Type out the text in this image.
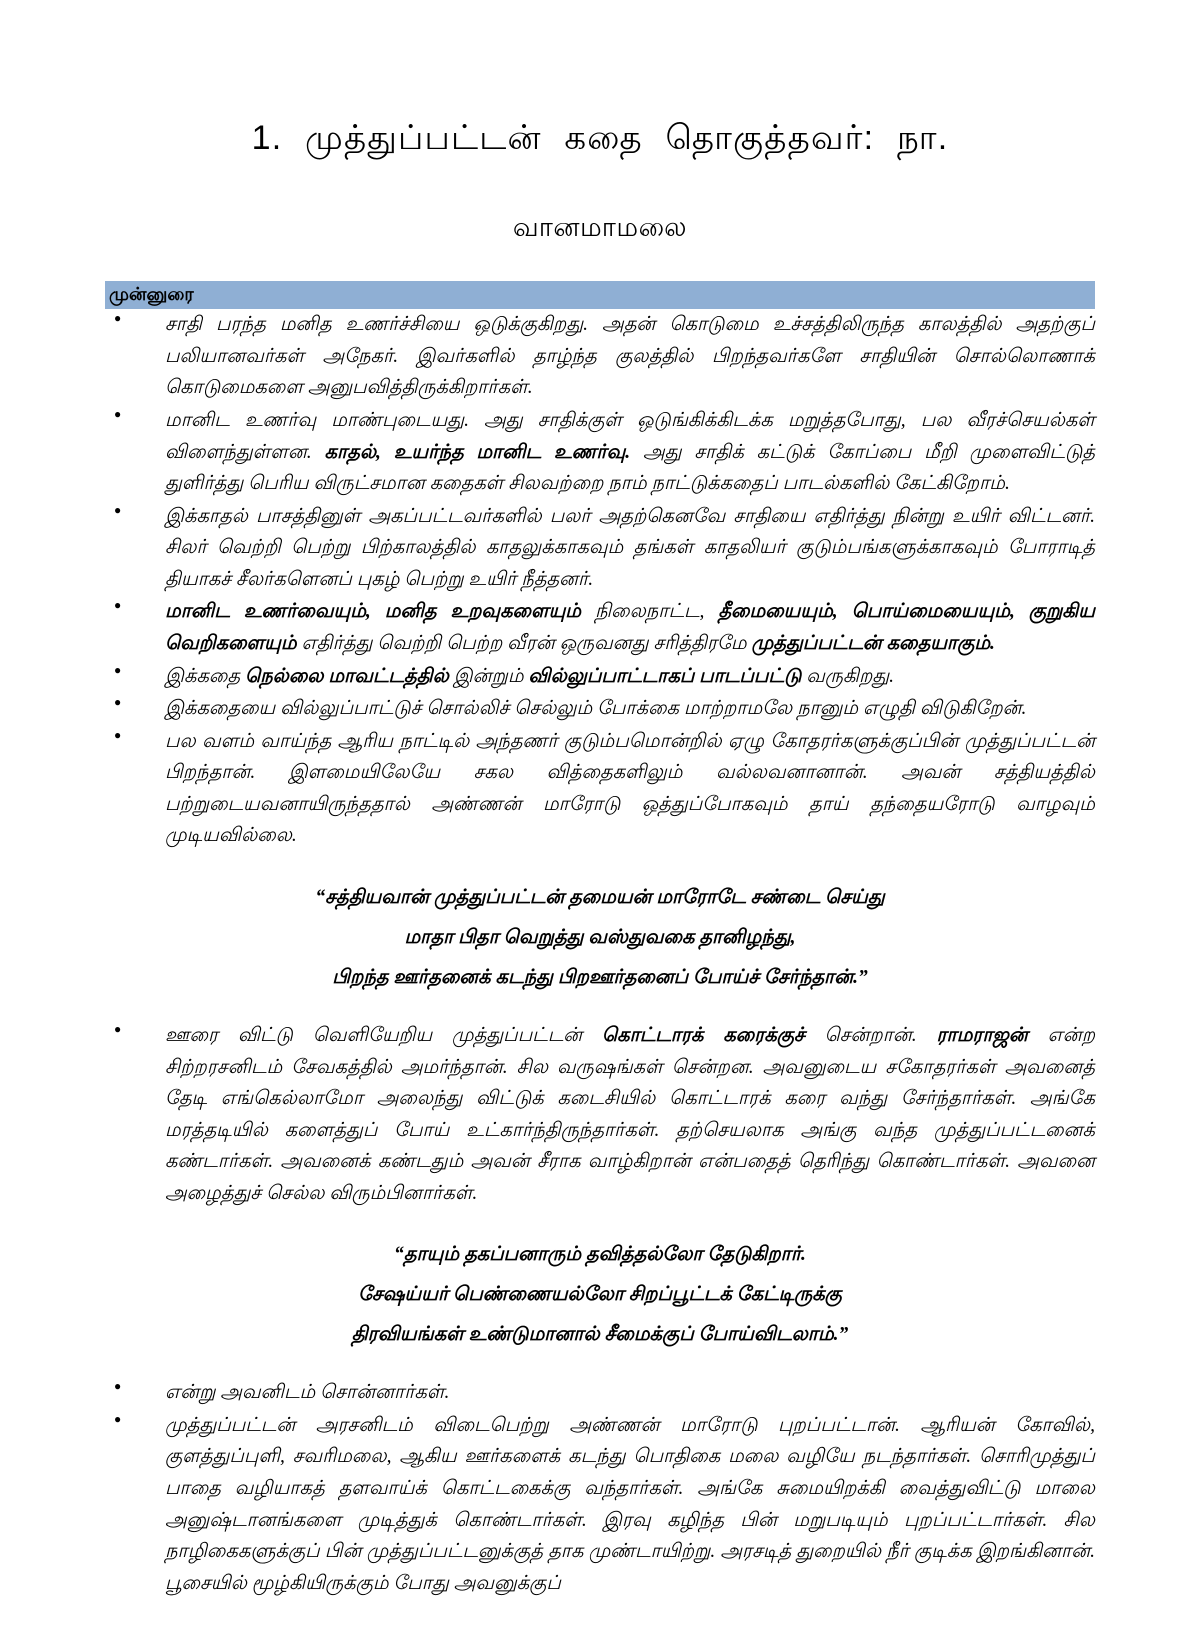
1. முத்துப்பட்டன் கதை தொகுத்தவர்: நா.
வானமாமலை
முன்னுரை
● சாதி பரந்த மனித உணர்ச்சியை ஒடுக்குகிறது. அதன் கொடுமை உச்சத்திலிருந்த காலத்தில் அதற்குப் பலியானவர்கள் அநேகர். இவர்களில் தாழ்ந்த குலத்தில் பிறந்தவர்களே சாதியின் சொல்லொணாக் கொடுமைகளை அனுபவித்திருக்கிறார்கள்.
● மானிட உணர்வு மாண்புடையது. அது சாதிக்குள் ஒடுங்கிக்கிடக்க மறுத்தபோது, பல வீரச்செயல்கள் விளைந்துள்ளன. காதல், உயர்ந்த மானிட உணர்வு. அது சாதிக் கட்டுக் கோப்பை மீறி முளைவிட்டுத் துளிர்த்து பெரிய விருட்சமான கதைகள் சிலவற்றை நாம் நாட்டுக்கதைப் பாடல்களில் கேட்கிறோம்.
● இக்காதல் பாசத்தினுள் அகப்பட்டவர்களில் பலர் அதற்கெனவே சாதியை எதிர்த்து நின்று உயிர் விட்டனர். சிலர் வெற்றி பெற்று பிற்காலத்தில் காதலுக்காகவும் தங்கள் காதலியர் குடும்பங்களுக்காகவும் போராடித் தியாகச் சீலர்களெனப் புகழ் பெற்று உயிர் நீத்தனர்.
● மானிட உணர்வையும், மனித உறவுகளையும் நிலைநாட்ட, தீமையையும், பொய்மையையும், குறுகிய வெறிகளையும் எதிர்த்து வெற்றி பெற்ற வீரன் ஒருவனது சரித்திரமே முத்துப்பட்டன் கதையாகும்.
● இக்கதை நெல்லை மாவட்டத்தில் இன்றும் வில்லுப்பாட்டாகப் பாடப்பட்டு வருகிறது.
● இக்கதையை வில்லுப்பாட்டுச் சொல்லிச் செல்லும் போக்கை மாற்றாமலே நானும் எழுதி விடுகிறேன்.
● பல வளம் வாய்ந்த ஆரிய நாட்டில் அந்தணர் குடும்பமொன்றில் ஏழு கோதரர்களுக்குப்பின் முத்துப்பட்டன் பிறந்தான். இளமையிலேயே சகல வித்தைகளிலும் வல்லவனானான். அவன் சத்தியத்தில் பற்றுடையவனாயிருந்ததால் அண்ணன் மாரோடு ஒத்துப்போகவும் தாய் தந்தையரோடு வாழவும் முடியவில்லை.
“சத்தியவான் முத்துப்பட்டன் தமையன் மாரோடே சண்டை செய்து
மாதா பிதா வெறுத்து வஸ்துவகை தானிழந்து,
பிறந்த ஊர்தனைக் கடந்து பிறஊர்தனைப் போய்ச் சேர்ந்தான்.”
● ஊரை விட்டு வெளியேறிய முத்துப்பட்டன் கொட்டாரக் கரைக்குச் சென்றான். ராமராஜன் என்ற சிற்றரசனிடம் சேவகத்தில் அமர்ந்தான். சில வருஷங்கள் சென்றன. அவனுடைய சகோதரர்கள் அவனைத் தேடி எங்கெல்லாமோ அலைந்து விட்டுக் கடைசியில் கொட்டாரக் கரை வந்து சேர்ந்தார்கள். அங்கே மரத்தடியில் களைத்துப் போய் உட்கார்ந்திருந்தார்கள். தற்செயலாக அங்கு வந்த முத்துப்பட்டனைக் கண்டார்கள். அவனைக் கண்டதும் அவன் சீராக வாழ்கிறான் என்பதைத் தெரிந்து கொண்டார்கள். அவனை அழைத்துச் செல்ல விரும்பினார்கள்.
“தாயும் தகப்பனாரும் தவித்தல்லோ தேடுகிறார்.
சேஷய்யர் பெண்ணையல்லோ சிறப்பூட்டக் கேட்டிருக்கு
திரவியங்கள் உண்டுமானால் சீமைக்குப் போய்விடலாம்.”
● என்று அவனிடம் சொன்னார்கள்.
● முத்துப்பட்டன் அரசனிடம் விடைபெற்று அண்ணன் மாரோடு புறப்பட்டான். ஆரியன் கோவில், குளத்துப்புளி, சவரிமலை, ஆகிய ஊர்களைக் கடந்து பொதிகை மலை வழியே நடந்தார்கள். சொரிமுத்துப் பாதை வழியாகத் தளவாய்க் கொட்டகைக்கு வந்தார்கள். அங்கே சுமையிறக்கி வைத்துவிட்டு மாலை அனுஷ்டானங்களை முடித்துக் கொண்டார்கள். இரவு கழிந்த பின் மறுபடியும் புறப்பட்டார்கள். சில நாழிகைகளுக்குப் பின் முத்துப்பட்டனுக்குத் தாக முண்டாயிற்று. அரசடித் துறையில் நீர் குடிக்க இறங்கினான். பூசையில் மூழ்கியிருக்கும் போது அவனுக்குப்
